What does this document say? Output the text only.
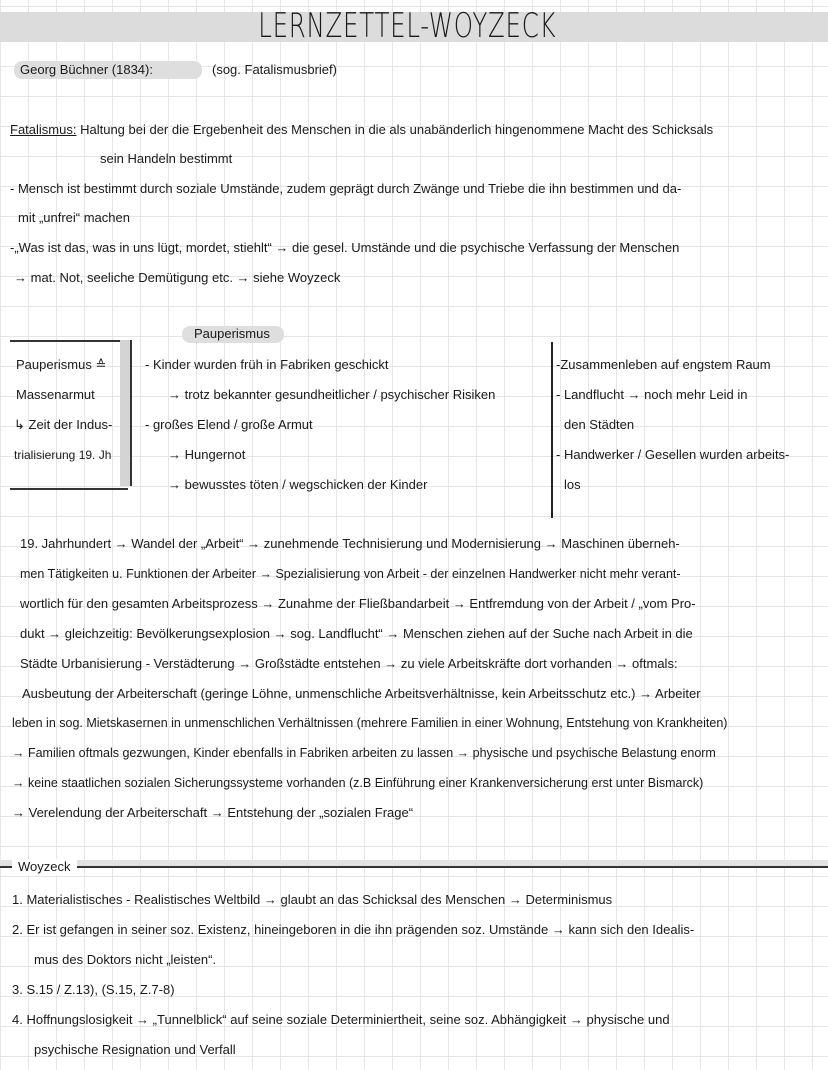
LERNZETTEL-WOYZECK
Georg Büchner (1834):	(sog. Fatalismusbrief)
Fatalismus: Haltung bei der die Ergebenheit des Menschen in die als unabänderlich hingenommene Macht des Schicksals
sein Handeln bestimmt
‐ Mensch ist bestimmt durch soziale Umstände, zudem geprägt durch Zwänge und Triebe die ihn bestimmen und da-
mit „unfrei“ machen
‐„Was ist das, was in uns lügt, mordet, stiehlt“ → die gesel. Umstände und die psychische Verfassung der Menschen
→ mat. Not, seeliche Demütigung etc. → siehe Woyzeck
Pauperismus
Pauperismus ≙
Massenarmut
↳ Zeit der Indus-
trialisierung 19. Jh
‐ Kinder wurden früh in Fabriken geschickt
→ trotz bekannter gesundheitlicher / psychischer Risiken
‐ großes Elend / große Armut
→ Hungernot
→ bewusstes töten / wegschicken der Kinder
‐Zusammenleben auf engstem Raum
‐ Landflucht → noch mehr Leid in
den Städten
‐ Handwerker / Gesellen wurden arbeits-
los
19. Jahrhundert → Wandel der „Arbeit“ → zunehmende Technisierung und Modernisierung → Maschinen überneh-
men Tätigkeiten u. Funktionen der Arbeiter → Spezialisierung von Arbeit - der einzelnen Handwerker nicht mehr verant-
wortlich für den gesamten Arbeitsprozess → Zunahme der Fließbandarbeit → Entfremdung von der Arbeit / „vom Pro-
dukt → gleichzeitig: Bevölkerungsexplosion → sog. Landflucht“ → Menschen ziehen auf der Suche nach Arbeit in die
Städte Urbanisierung - Verstädterung → Großstädte entstehen → zu viele Arbeitskräfte dort vorhanden → oftmals:
Ausbeutung der Arbeiterschaft (geringe Löhne, unmenschliche Arbeitsverhältnisse, kein Arbeitsschutz etc.) → Arbeiter
leben in sog. Mietskasernen in unmenschlichen Verhältnissen (mehrere Familien in einer Wohnung, Entstehung von Krankheiten)
→ Familien oftmals gezwungen, Kinder ebenfalls in Fabriken arbeiten zu lassen → physische und psychische Belastung enorm
→ keine staatlichen sozialen Sicherungssysteme vorhanden (z.B Einführung einer Krankenversicherung erst unter Bismarck)
→ Verelendung der Arbeiterschaft → Entstehung der „sozialen Frage“
Woyzeck
1. Materialistisches - Realistisches Weltbild → glaubt an das Schicksal des Menschen → Determinismus
2. Er ist gefangen in seiner soz. Existenz, hineingeboren in die ihn prägenden soz. Umstände → kann sich den Idealis-
mus des Doktors nicht „leisten“.
3. S.15 / Z.13), (S.15, Z.7-8)
4. Hoffnungslosigkeit → „Tunnelblick“ auf seine soziale Determiniertheit, seine soz. Abhängigkeit → physische und
psychische Resignation und Verfall
